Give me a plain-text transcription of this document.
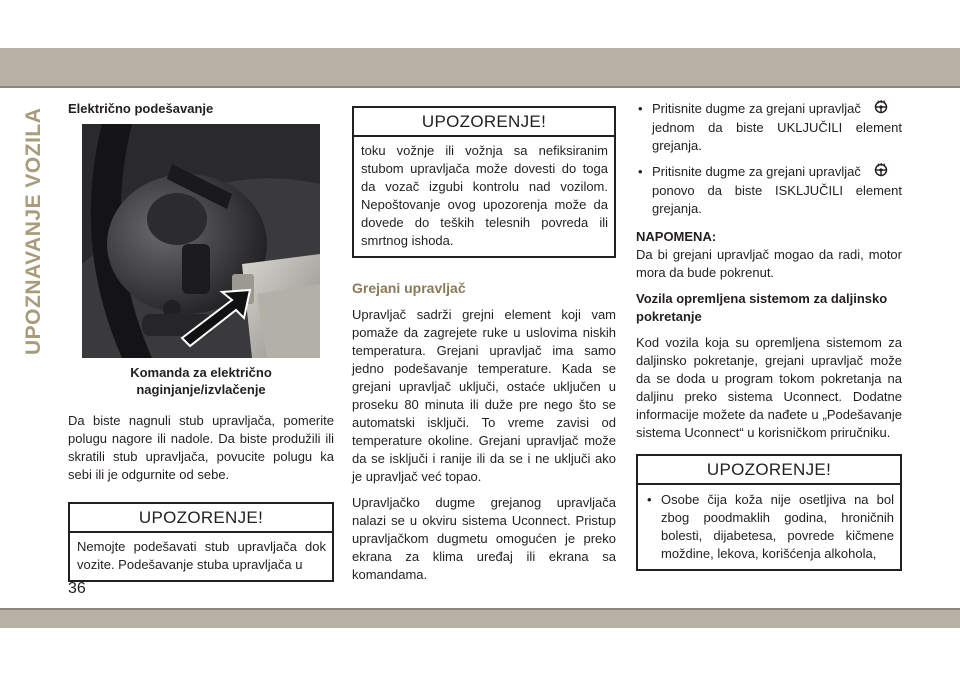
UPOZNAVANJE VOZILA
36
Električno podešavanje
Komanda za električno
naginjanje/izvlačenje
Da biste nagnuli stub upravljača, pomerite polugu nagore ili nadole. Da biste produžili ili skratili stub upravljača, povucite polugu ka sebi ili je odgurnite od sebe.
UPOZORENJE!
Nemojte podešavati stub upravljača dok vozite. Podešavanje stuba upravljača u
UPOZORENJE!
toku vožnje ili vožnja sa nefiksiranim stubom upravljača može dovesti do toga da vozač izgubi kontrolu nad vozilom. Nepoštovanje ovog upozorenja može da dovede do teških telesnih povreda ili smrtnog ishoda.
Grejani upravljač
Upravljač sadrži grejni element koji vam pomaže da zagrejete ruke u uslovima niskih temperatura. Grejani upravljač ima samo jedno podešavanje temperature. Kada se grejani upravljač uključi, ostaće uključen u proseku 80 minuta ili duže pre nego što se automatski isključi. To vreme zavisi od temperature okoline. Grejani upravljač može da se isključi i ranije ili da se i ne uključi ako je upravljač već topao.
Upravljačko dugme grejanog upravljača nalazi se u okviru sistema Uconnect. Pristup upravljačkom dugmetu omogućen je preko ekrana za klima uređaj ili ekrana sa komandama.
• Pritisnite dugme za grejani upravljač
jednom da biste UKLJUČILI element grejanja.
• Pritisnite dugme za grejani upravljač
ponovo da biste ISKLJUČILI element grejanja.
NAPOMENA:
Da bi grejani upravljač mogao da radi, motor mora da bude pokrenut.
Vozila opremljena sistemom za daljinsko pokretanje
Kod vozila koja su opremljena sistemom za daljinsko pokretanje, grejani upravljač može da se doda u program tokom pokretanja na daljinu preko sistema Uconnect. Dodatne informacije možete da nađete u „Podešavanje sistema Uconnect“ u korisničkom priručniku.
UPOZORENJE!
• Osobe čija koža nije osetljiva na bol zbog poodmaklih godina, hroničnih bolesti, dijabetesa, povrede kičmene moždine, lekova, korišćenja alkohola,
